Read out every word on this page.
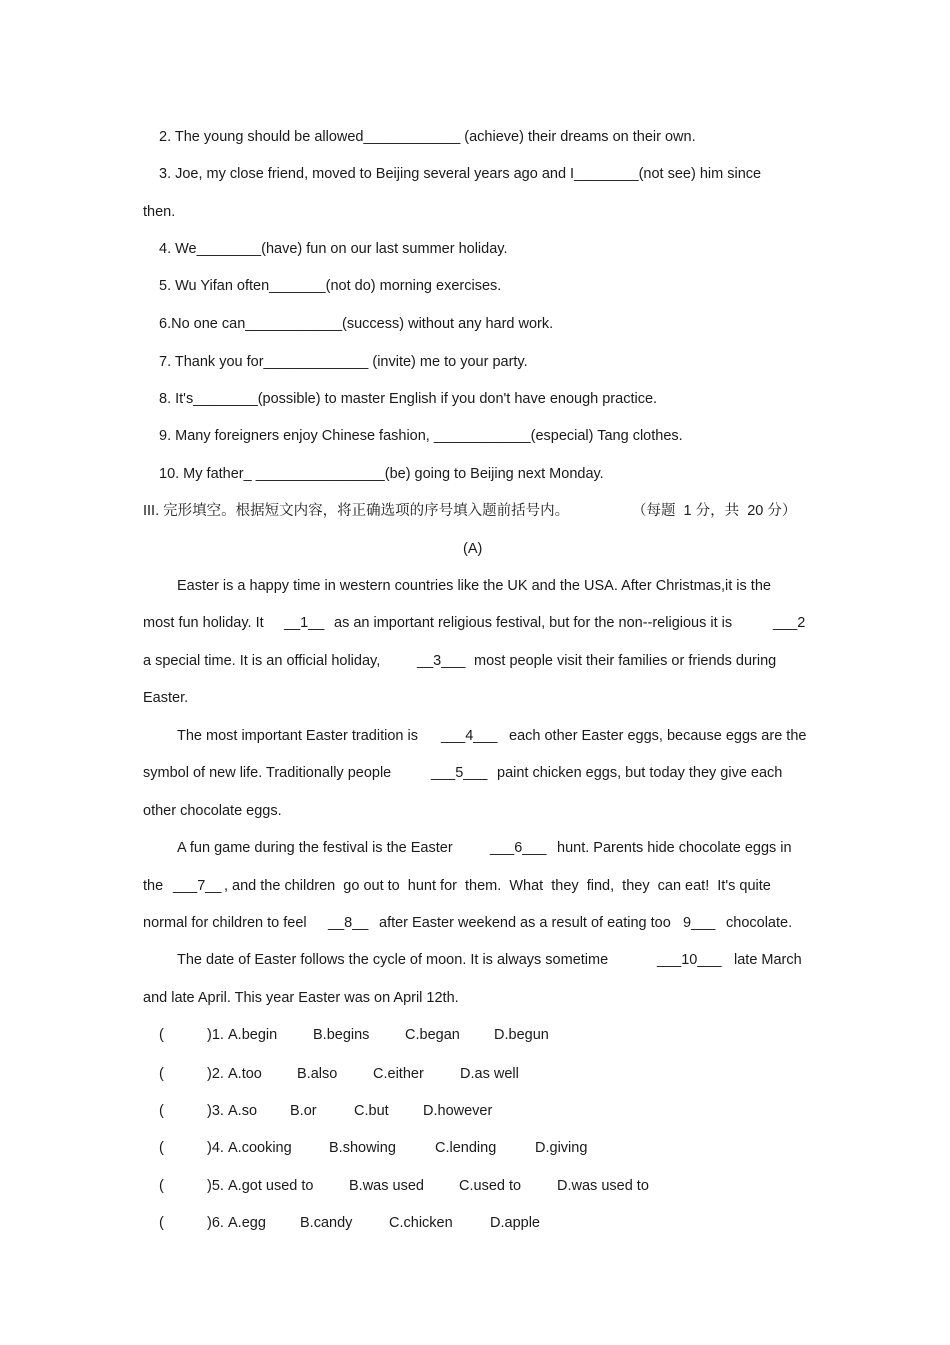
2. The young should be allowed____________ (achieve) their dreams on their own.
3. Joe, my close friend, moved to Beijing several years ago and I________(not see) him since
then.
4. We________(have) fun on our last summer holiday.
5. Wu Yifan often_______(not do) morning exercises.
6.No one can____________(success) without any hard work.
7. Thank you for_____________ (invite) me to your party.
8. It's________(possible) to master English if you don't have enough practice.
9. Many foreigners enjoy Chinese fashion, ____________(especial) Tang clothes.
10. My father_ ________________(be) going to Beijing next Monday.
III. 完形填空。根据短文内容，将正确选项的序号填入题前括号内。	（每题  1 分，共  20 分）
(A)
Easter is a happy time in western countries like the UK and the USA. After Christmas,it is the
most fun holiday. It __1__ as an important religious festival, but for the non--religious it is	___2
a special time. It is an official holiday,	__3___ most people visit their families or friends during
Easter.
The most important Easter tradition is ___4___ each other Easter eggs, because eggs are the
symbol of new life. Traditionally people	___5___ paint chicken eggs, but today they give each
other chocolate eggs.
A fun game during the festival is the Easter	___6___ hunt. Parents hide chocolate eggs in
the ___7__ , and the children  go out to  hunt for  them.  What  they  find,  they  can eat!  It's quite
normal for children to feel __8__ after Easter weekend as a result of eating too 9___ chocolate.
The date of Easter follows the cycle of moon. It is always sometime	___10___ late March
and late April. This year Easter was on April 12th.
(	)1. A.begin B.begins C.began D.begun
(	)2. A.too B.also C.either D.as well
(	)3. A.so B.or	C.but D.however
(	)4. A.cooking	B.showing	C.lending	D.giving
(	)5. A.got used to B.was used C.used to D.was used to
(	)6. A.egg B.candy	C.chicken	D.apple
